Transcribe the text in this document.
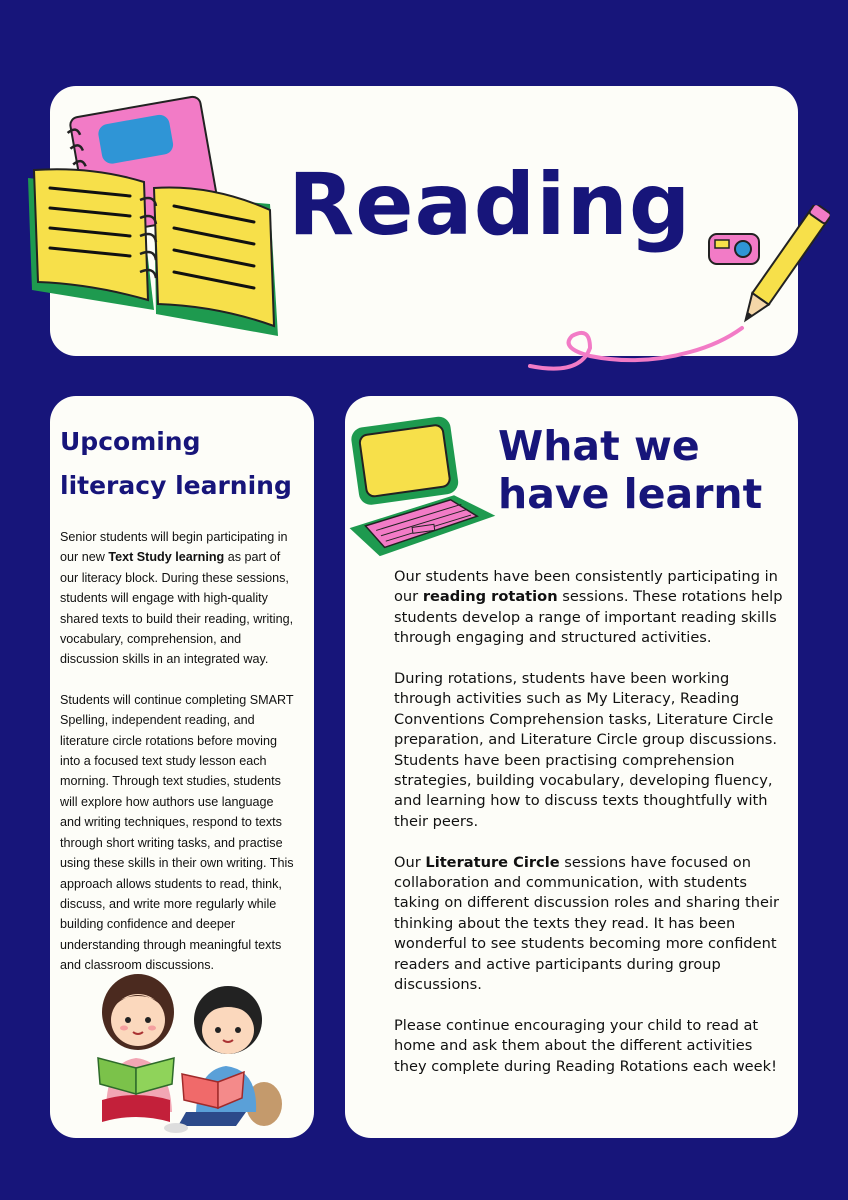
Reading
Upcoming literacy learning

Senior students will begin participating in our new Text Study learning as part of our literacy block. During these sessions, students will engage with high-quality shared texts to build their reading, writing, vocabulary, comprehension, and discussion skills in an integrated way.

Students will continue completing SMART Spelling, independent reading, and literature circle rotations before moving into a focused text study lesson each morning. Through text studies, students will explore how authors use language and writing techniques, respond to texts through short writing tasks, and practise using these skills in their own writing. This approach allows students to read, think, discuss, and write more regularly while building confidence and deeper understanding through meaningful texts and classroom discussions.

What we have learnt

Our students have been consistently participating in our reading rotation sessions. These rotations help students develop a range of important reading skills through engaging and structured activities.

During rotations, students have been working through activities such as My Literacy, Reading Conventions Comprehension tasks, Literature Circle preparation, and Literature Circle group discussions. Students have been practising comprehension strategies, building vocabulary, developing fluency, and learning how to discuss texts thoughtfully with their peers.

Our Literature Circle sessions have focused on collaboration and communication, with students taking on different discussion roles and sharing their thinking about the texts they read. It has been wonderful to see students becoming more confident readers and active participants during group discussions.

Please continue encouraging your child to read at home and ask them about the different activities they complete during Reading Rotations each week!
